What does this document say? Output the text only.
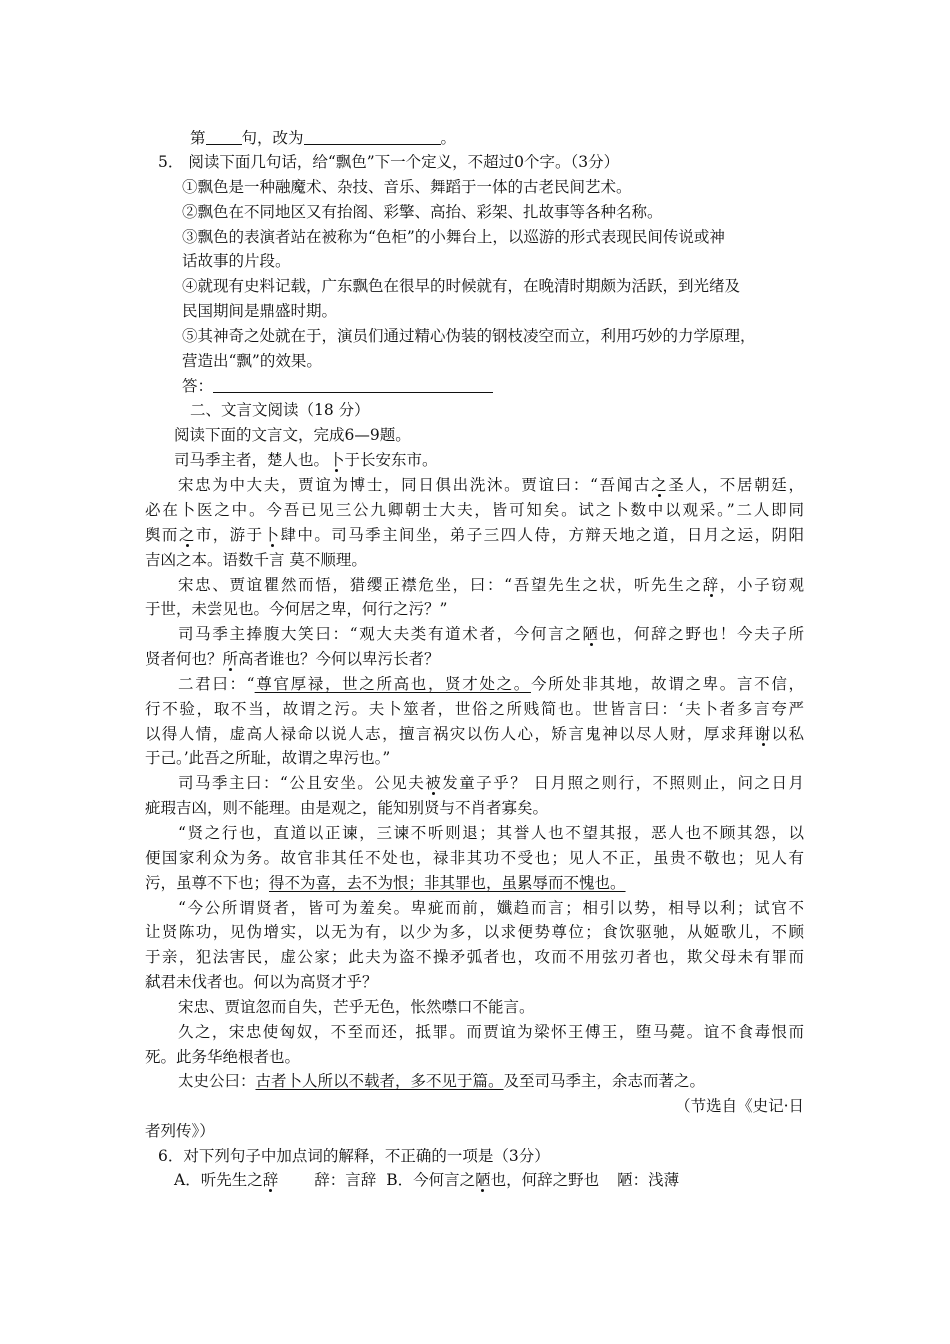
第 句，改为	。
5． 阅读下面几句话，给“飘色”下一个定义，不超过0个字。（3分）
①飘色是一种融魔术、杂技、音乐、舞蹈于一体的古老民间艺术。
②飘色在不同地区又有抬阁、彩擎、高抬、彩架、扎故事等各种名称。
③飘色的表演者站在被称为“色柜”的小舞台上，以巡游的形式表现民间传说或神
话故事的片段。
④就现有史料记载，广东飘色在很早的时候就有，在晚清时期颇为活跃，到光绪及
民国期间是鼎盛时期。
⑤其神奇之处就在于，演员们通过精心伪装的钢枝凌空而立，利用巧妙的力学原理，
营造出“飘”的效果。
答：
二、文言文阅读（18 分）
阅读下面的文言文，完成6—9题。
司马季主者，楚人也。卜于长安东市。
宋忠为中大夫，贾谊为博士，同日俱出洗沐。贾谊曰：“吾闻古之圣人，不居朝廷，
必在卜医之中。今吾已见三公九卿朝士大夫，皆可知矣。试之卜数中以观采。”二人即同
舆而之市，游于卜肆中。司马季主间坐，弟子三四人侍，方辩天地之道，日月之运，阴阳
吉凶之本。语数千言 莫不顺理。
宋忠、贾谊瞿然而悟，猎缨正襟危坐，曰：“吾望先生之状，听先生之辞，小子窃观
于世，未尝见也。今何居之卑，何行之污？”
司马季主捧腹大笑曰：“观大夫类有道术者，今何言之陋也，何辞之野也！今夫子所
贤者何也？所高者谁也？今何以卑污长者？
二君曰：“尊官厚禄，世之所高也，贤才处之。今所处非其地，故谓之卑。言不信，
行不验，取不当，故谓之污。夫卜筮者，世俗之所贱简也。世皆言曰：‘夫卜者多言夸严
以得人情，虚高人禄命以说人志，擅言祸灾以伤人心，矫言鬼神以尽人财，厚求拜谢以私
于己。’此吾之所耻，故谓之卑污也。”
司马季主曰：“公且安坐。公见夫被发童子乎？ 日月照之则行，不照则止，问之日月
疵瑕吉凶，则不能理。由是观之，能知别贤与不肖者寡矣。
“贤之行也，直道以正谏，三谏不听则退；其誉人也不望其报，恶人也不顾其怨，以
便国家利众为务。故官非其任不处也，禄非其功不受也；见人不正，虽贵不敬也；见人有
污，虽尊不下也；得不为喜，去不为恨；非其罪也，虽累辱而不愧也。
“今公所谓贤者，皆可为羞矣。卑疵而前，孅趋而言；相引以势，相导以利；试官不
让贤陈功，见伪增实，以无为有，以少为多，以求便势尊位；食饮驱驰，从姬歌儿，不顾
于亲，犯法害民，虚公家；此夫为盗不操矛弧者也，攻而不用弦刃者也，欺父母未有罪而
弑君未伐者也。何以为高贤才乎？
宋忠、贾谊忽而自失，芒乎无色，怅然噤口不能言。
久之，宋忠使匈奴，不至而还，抵罪。而贾谊为梁怀王傅王，堕马薨。谊不食毒恨而
死。此务华绝根者也。
太史公曰：古者卜人所以不载者，多不见于篇。及至司马季主，余志而著之。
（节选自《史记·日
者列传》）
6．对下列句子中加点词的解释，不正确的一项是（3分）
A．听先生之辞 辞：言辞 B．今何言之陋也，何辞之野也 陋：浅薄
